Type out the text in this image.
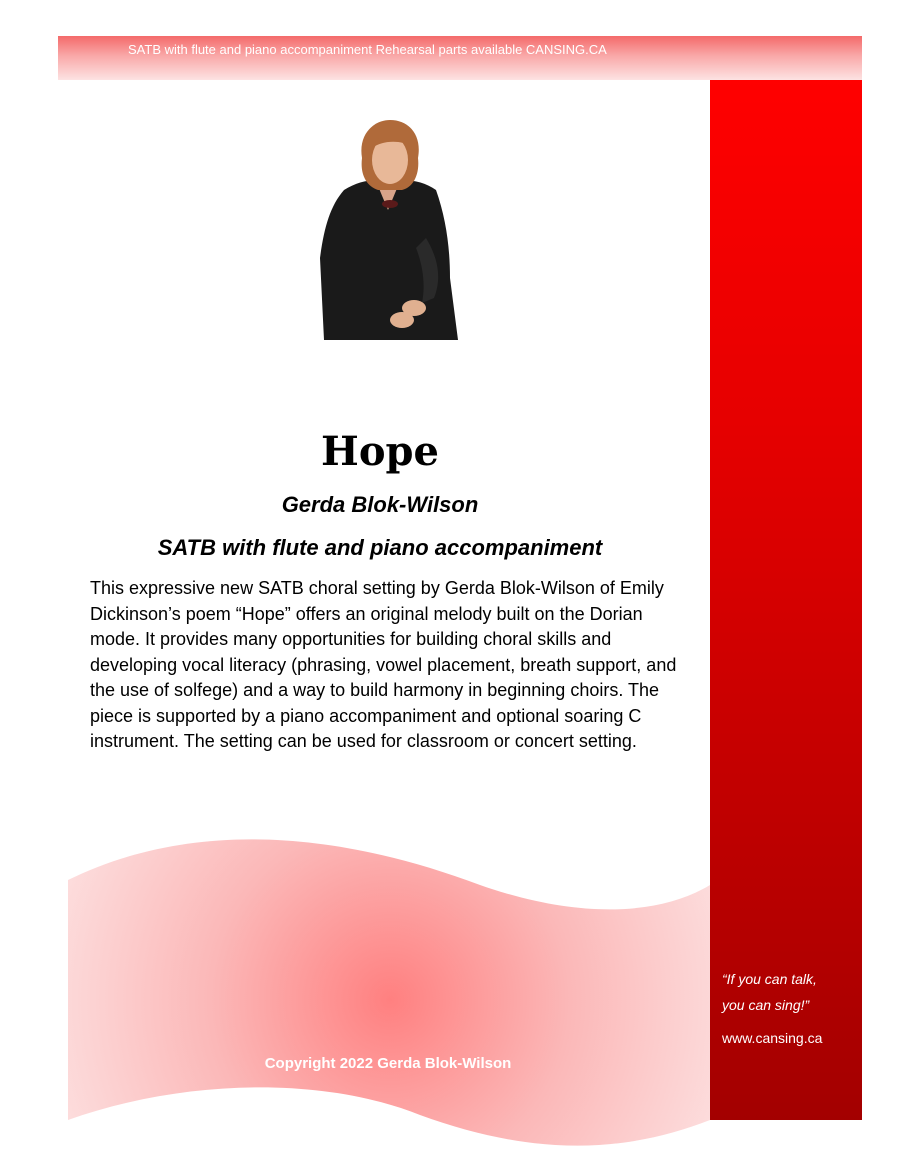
SATB with flute and piano accompaniment Rehearsal parts available CANSING.CA
“If you can talk,
you can sing!”
www.cansing.ca
Hope
Gerda Blok-Wilson
SATB with flute and piano accompaniment
This expressive new SATB choral setting by Gerda Blok-Wilson of Emily Dickinson’s poem “Hope” offers an original melody built on the Dorian mode. It provides many opportunities for building choral skills and developing vocal literacy (phrasing, vowel placement, breath support, and the use of solfege) and a way to build harmony in beginning choirs. The piece is supported by a piano accompaniment and optional soaring C instrument. The setting can be used for classroom or concert setting.
Copyright 2022 Gerda Blok-Wilson
